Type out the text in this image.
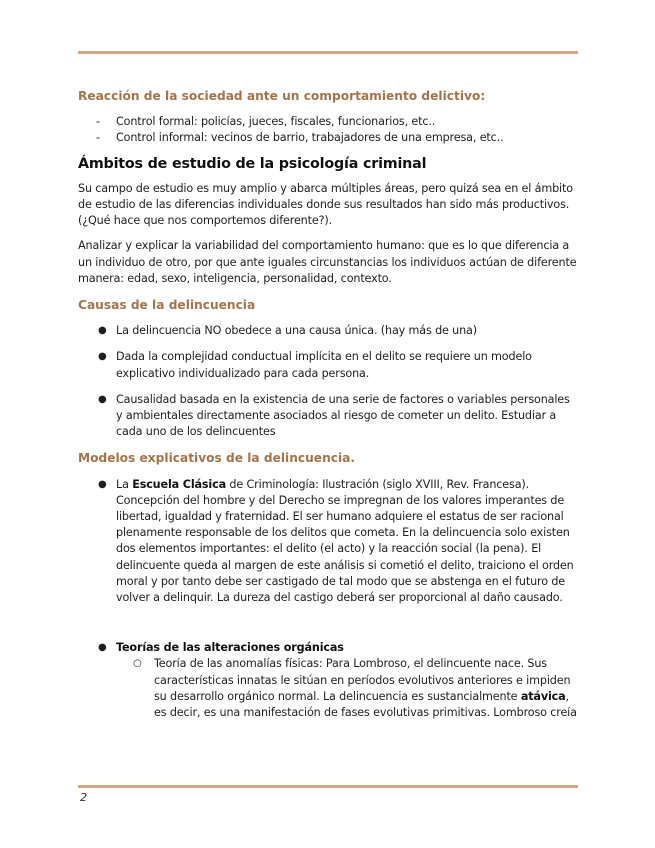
Reacción de la sociedad ante un comportamiento delictivo:

- Control formal: policías, jueces, fiscales, funcionarios, etc..
- Control informal: vecinos de barrio, trabajadores de una empresa, etc..

Ámbitos de estudio de la psicología criminal

Su campo de estudio es muy amplio y abarca múltiples áreas, pero quizá sea en el ámbito de estudio de las diferencias individuales donde sus resultados han sido más productivos. (¿Qué hace que nos comportemos diferente?).

Analizar y explicar la variabilidad del comportamiento humano: que es lo que diferencia a un individuo de otro, por que ante iguales circunstancias los individuos actúan de diferente manera: edad, sexo, inteligencia, personalidad, contexto.

Causas de la delincuencia

● La delincuencia NO obedece a una causa única. (hay más de una)
● Dada la complejidad conductual implícita en el delito se requiere un modelo explicativo individualizado para cada persona.
● Causalidad basada en la existencia de una serie de factores o variables personales y ambientales directamente asociados al riesgo de cometer un delito. Estudiar a cada uno de los delincuentes

Modelos explicativos de la delincuencia.

● La Escuela Clásica de Criminología: Ilustración (siglo XVIII, Rev. Francesa). Concepción del hombre y del Derecho se impregnan de los valores imperantes de libertad, igualdad y fraternidad. El ser humano adquiere el estatus de ser racional plenamente responsable de los delitos que cometa. En la delincuencia solo existen dos elementos importantes: el delito (el acto) y la reacción social (la pena). El delincuente queda al margen de este análisis si cometió el delito, traiciono el orden moral y por tanto debe ser castigado de tal modo que se abstenga en el futuro de volver a delinquir. La dureza del castigo deberá ser proporcional al daño causado.
● Teorías de las alteraciones orgánicas
○ Teoría de las anomalías físicas: Para Lombroso, el delincuente nace. Sus características innatas le sitúan en períodos evolutivos anteriores e impiden su desarrollo orgánico normal. La delincuencia es sustancialmente atávica, es decir, es una manifestación de fases evolutivas primitivas. Lombroso creía
2
